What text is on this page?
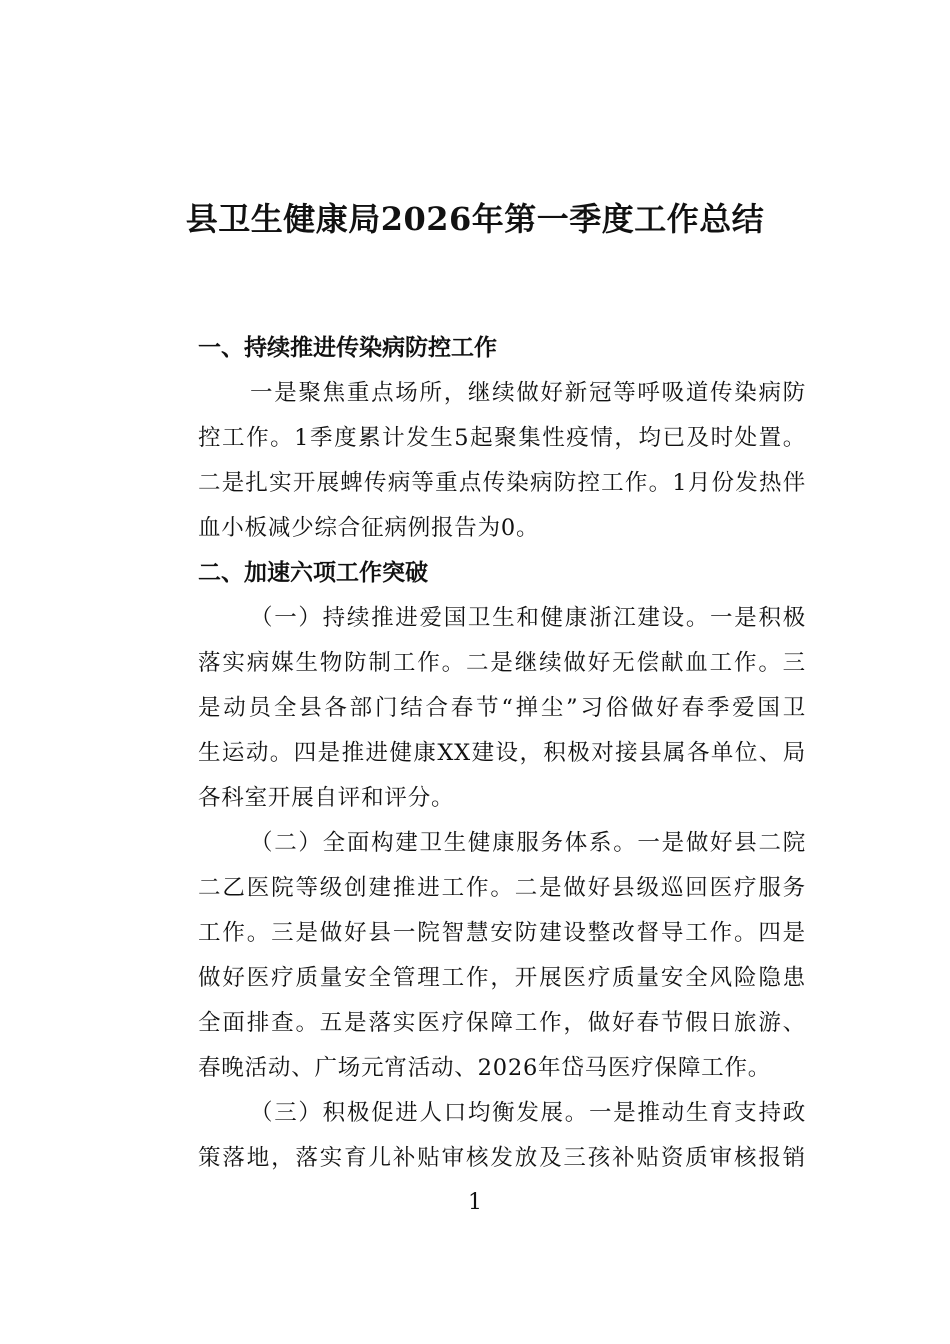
县卫生健康局2026年第一季度工作总结
一、持续推进传染病防控工作
一是聚焦重点场所，继续做好新冠等呼吸道传染病防
控工作。1季度累计发生5起聚集性疫情，均已及时处置。
二是扎实开展蜱传病等重点传染病防控工作。1月份发热伴
血小板减少综合征病例报告为0。
二、加速六项工作突破
（一）持续推进爱国卫生和健康浙江建设。一是积极
落实病媒生物防制工作。二是继续做好无偿献血工作。三
是动员全县各部门结合春节“掸尘”习俗做好春季爱国卫
生运动。四是推进健康XX建设，积极对接县属各单位、局
各科室开展自评和评分。
（二）全面构建卫生健康服务体系。一是做好县二院
二乙医院等级创建推进工作。二是做好县级巡回医疗服务
工作。三是做好县一院智慧安防建设整改督导工作。四是
做好医疗质量安全管理工作，开展医疗质量安全风险隐患
全面排查。五是落实医疗保障工作，做好春节假日旅游、
春晚活动、广场元宵活动、2026年岱马医疗保障工作。
（三）积极促进人口均衡发展。一是推动生育支持政
策落地，落实育儿补贴审核发放及三孩补贴资质审核报销
1
